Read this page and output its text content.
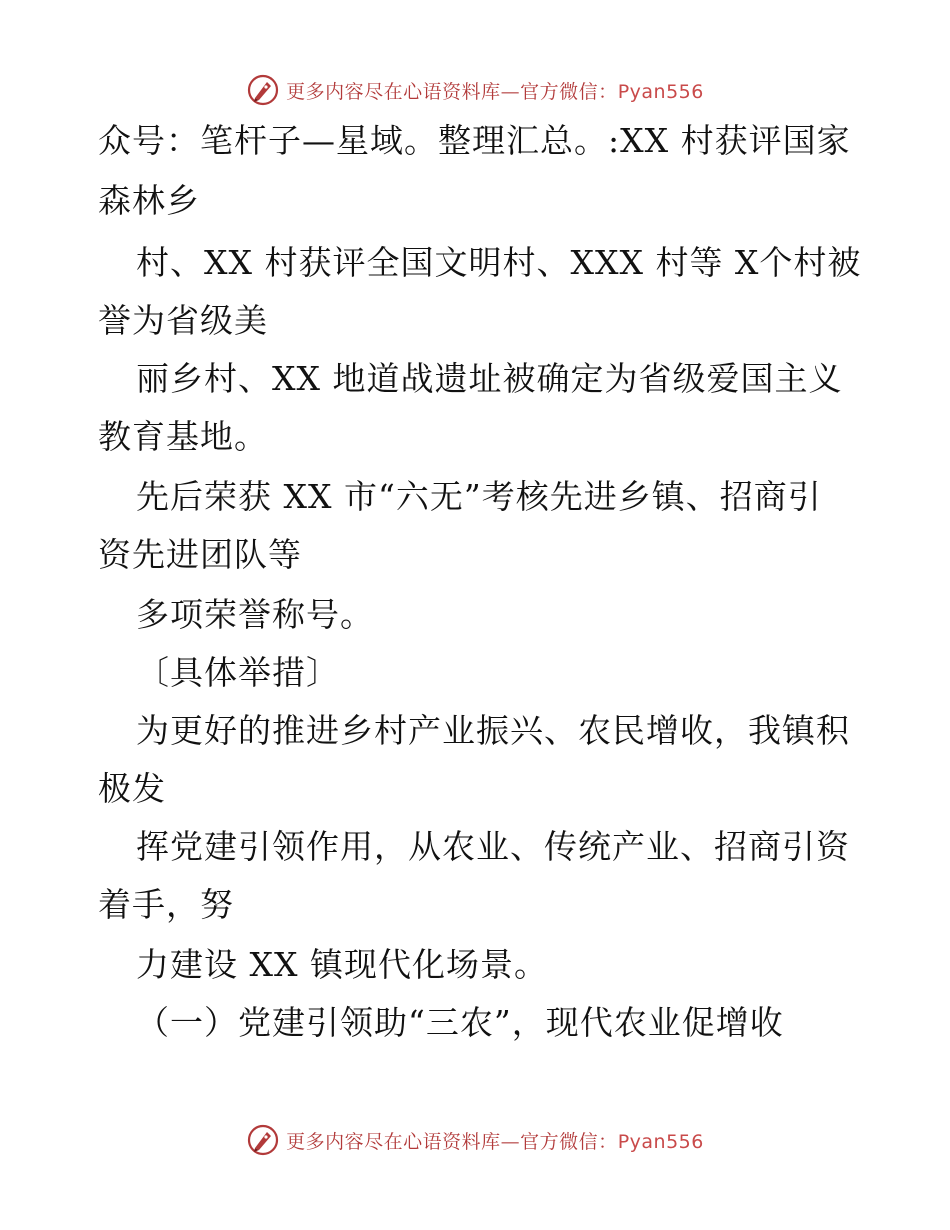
更多内容尽在心语资料库—官方微信：Pyan556
众号：笔杆子—星域。整理汇总。:XX 村获评国家
森林乡
村、XX 村获评全国文明村、XXX 村等 X个村被
誉为省级美
丽乡村、XX 地道战遗址被确定为省级爱国主义
教育基地。
先后荣获 XX 市“六无”考核先进乡镇、招商引
资先进团队等
多项荣誉称号。
〔具体举措〕
为更好的推进乡村产业振兴、农民增收，我镇积
极发
挥党建引领作用，从农业、传统产业、招商引资
着手，努
力建设 XX 镇现代化场景。
（一）党建引领助“三农”，现代农业促增收
更多内容尽在心语资料库—官方微信：Pyan556
